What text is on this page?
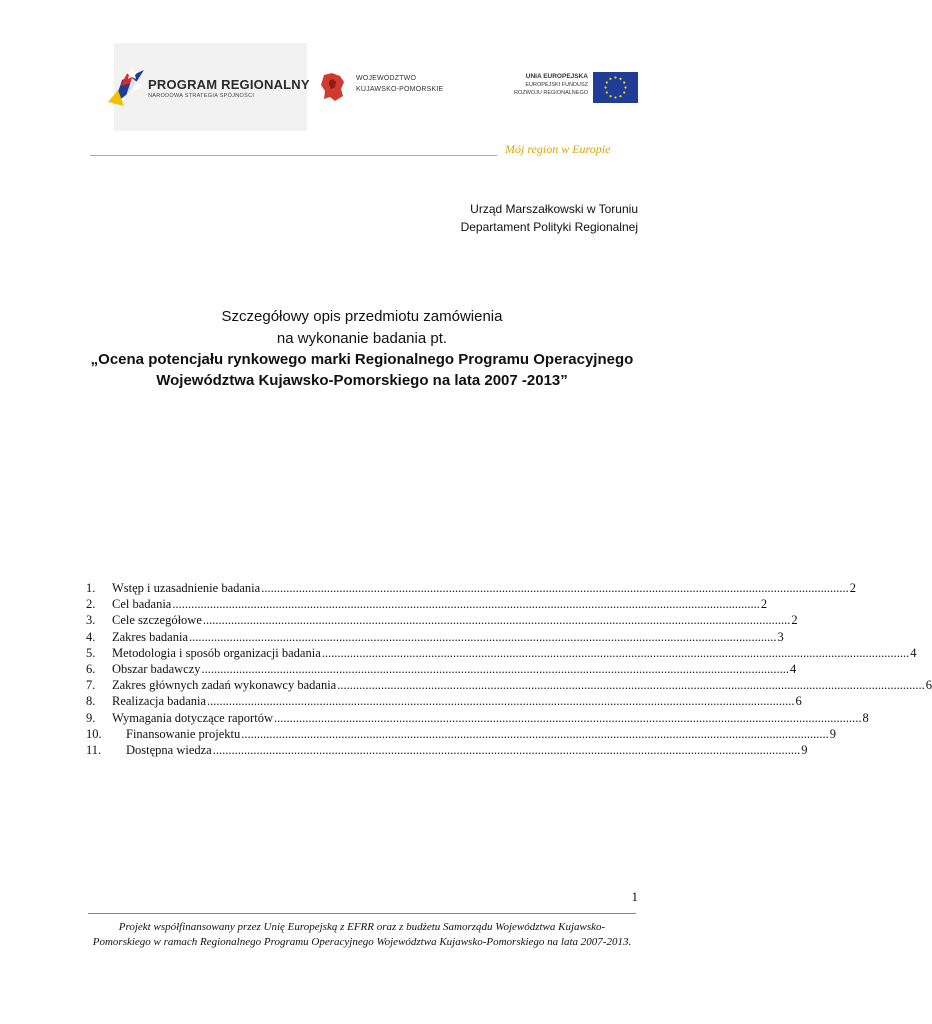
PROGRAM REGIONALNY
NARODOWA STRATEGIA SPÓJNOŚCI
WOJEWÓDZTWO
KUJAWSKO-POMORSKIE
UNIA EUROPEJSKA
EUROPEJSKI FUNDUSZ
ROZWOJU REGIONALNEGO
Mój region w Europie
Urząd Marszałkowski w Toruniu
Departament Polityki Regionalnej
Szczegółowy opis przedmiotu zamówienia
na wykonanie badania pt.
„Ocena potencjału rynkowego marki Regionalnego Programu Operacyjnego
Województwa Kujawsko-Pomorskiego na lata 2007 -2013”
1.	Wstęp i uzasadnienie badania ............................................................................................................................................................................................ 2
2.	Cel badania ............................................................................................................................................................................................ 2
3.	Cele szczegółowe ............................................................................................................................................................................................ 2
4.	Zakres badania ............................................................................................................................................................................................ 3
5.	Metodologia i sposób organizacji badania ............................................................................................................................................................................................ 4
6.	Obszar badawczy ............................................................................................................................................................................................ 4
7.	Zakres głównych zadań wykonawcy badania ............................................................................................................................................................................................ 6
8.	Realizacja badania ............................................................................................................................................................................................ 6
9.	Wymagania dotyczące raportów ............................................................................................................................................................................................ 8
10.	Finansowanie projektu ............................................................................................................................................................................................ 9
11.	Dostępna wiedza ............................................................................................................................................................................................ 9
1
Projekt współfinansowany przez Unię Europejską z EFRR oraz z budżetu Samorządu Województwa Kujawsko-Pomorskiego w ramach Regionalnego Programu Operacyjnego Województwa Kujawsko-Pomorskiego na lata 2007-2013.
